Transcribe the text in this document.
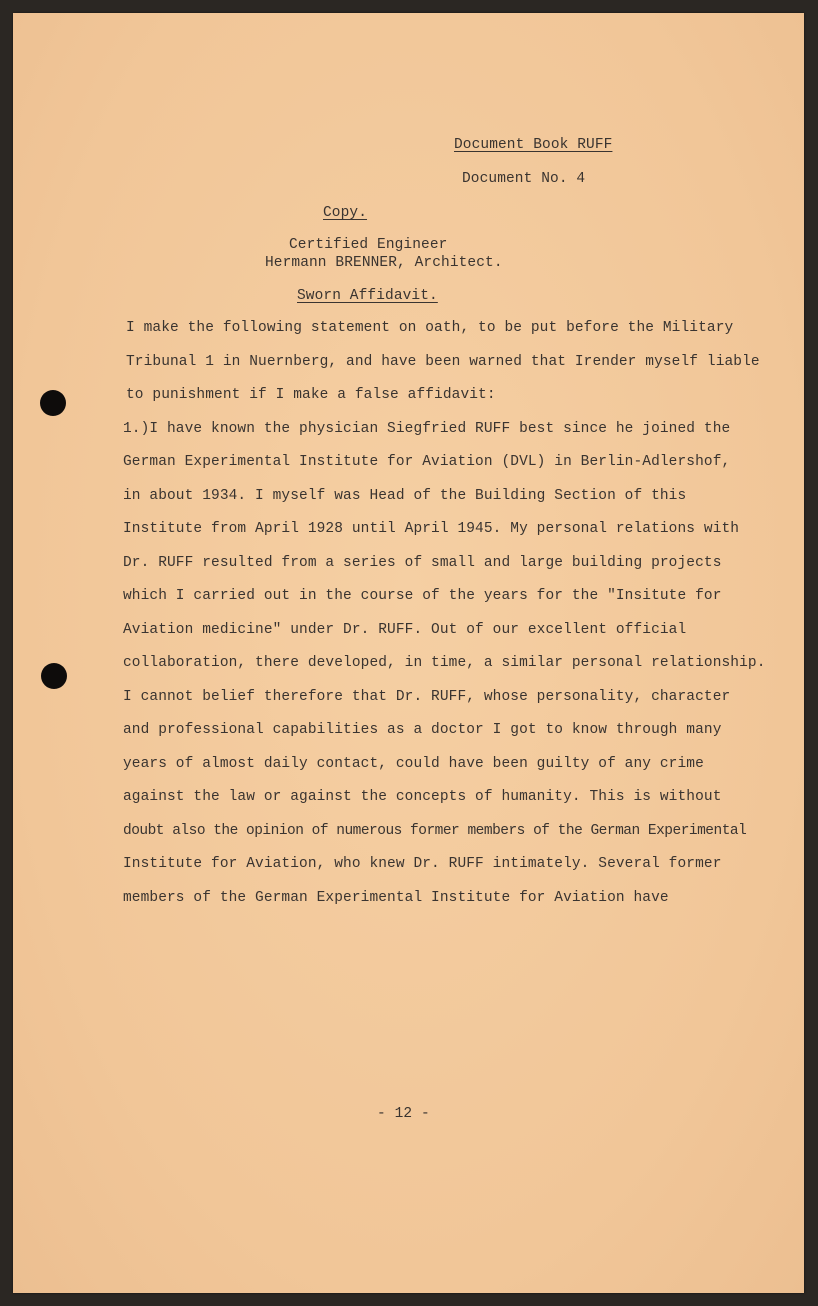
Document Book RUFF
Document No. 4
Copy.
Certified Engineer
Hermann BRENNER, Architect.
Sworn Affidavit.
I make the following statement on oath, to be put before the Military
Tribunal 1 in Nuernberg, and have been warned that Irender myself liable
to punishment if I make a false affidavit:
1.)I have known the physician Siegfried RUFF best since he joined the
German Experimental Institute for Aviation (DVL) in Berlin-Adlershof,
in about 1934. I myself was Head of the Building Section of this
Institute from April 1928 until April 1945. My personal relations with
Dr. RUFF resulted from a series of small and large building projects
which I carried out in the course of the years for the "Insitute for
Aviation medicine" under Dr. RUFF. Out of our excellent official
collaboration, there developed, in time, a similar personal relationship.
I cannot belief therefore that Dr. RUFF, whose personality, character
and professional capabilities as a doctor I got to know through many
years of almost daily contact, could have been guilty of any crime
against the law or against the concepts of humanity. This is without
doubt also the opinion of numerous former members of the German Experimental
Institute for Aviation, who knew Dr. RUFF intimately. Several former
members of the German Experimental Institute for Aviation have
- 12 -
